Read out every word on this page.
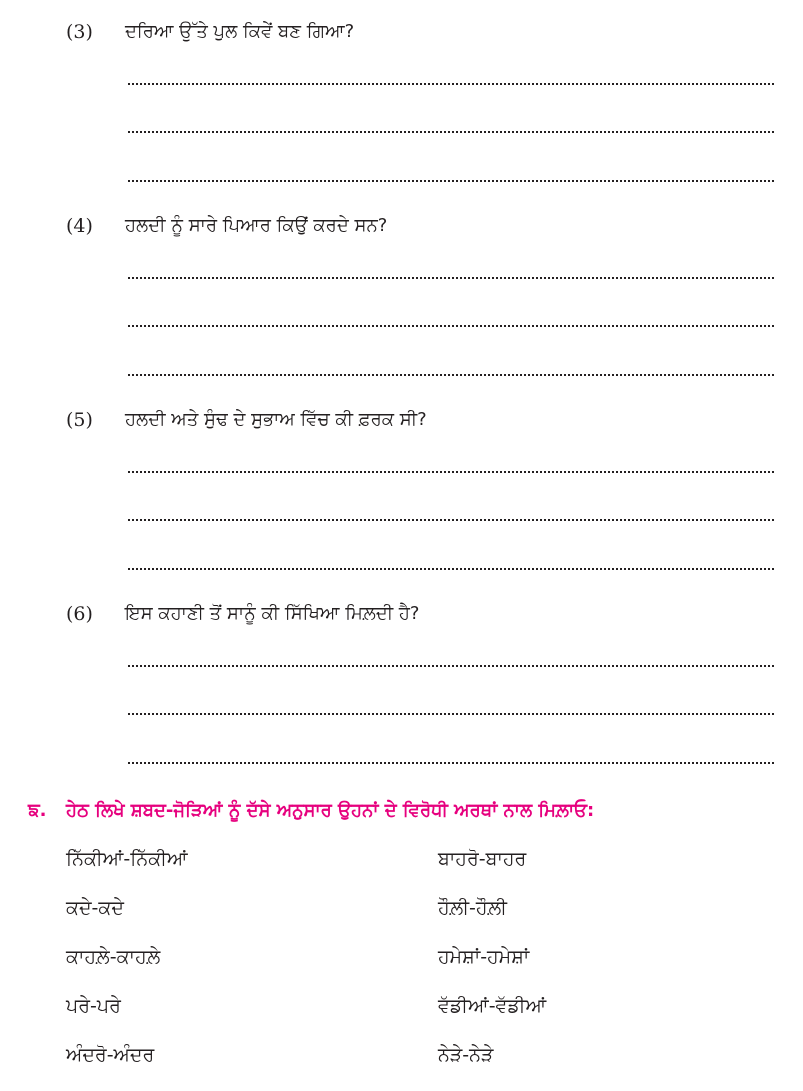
(3) ਦਰਿਆ ਉੱਤੇ ਪੁਲ ਕਿਵੇਂ ਬਣ ਗਿਆ?
(4) ਹਲਦੀ ਨੂੰ ਸਾਰੇ ਪਿਆਰ ਕਿਉਂ ਕਰਦੇ ਸਨ?
(5) ਹਲਦੀ ਅਤੇ ਸੁੰਢ ਦੇ ਸੁਭਾਅ ਵਿੱਚ ਕੀ ਫ਼ਰਕ ਸੀ?
(6) ਇਸ ਕਹਾਣੀ ਤੋਂ ਸਾਨੂੰ ਕੀ ਸਿੱਖਿਆ ਮਿਲ਼ਦੀ ਹੈ?
ਙ. ਹੇਠ ਲਿਖੇ ਸ਼ਬਦ-ਜੋੜਿਆਂ ਨੂੰ ਦੱਸੇ ਅਨੁਸਾਰ ਉਹਨਾਂ ਦੇ ਵਿਰੋਧੀ ਅਰਥਾਂ ਨਾਲ ਮਿਲ਼ਾਓ:
ਨਿੱਕੀਆਂ-ਨਿੱਕੀਆਂ
ਕਦੇ-ਕਦੇ
ਕਾਹਲ਼ੇ-ਕਾਹਲ਼ੇ
ਪਰੇ-ਪਰੇ
ਅੰਦਰੋ-ਅੰਦਰ
ਬਾਹਰੋ-ਬਾਹਰ
ਹੌਲ਼ੀ-ਹੌਲ਼ੀ
ਹਮੇਸ਼ਾਂ-ਹਮੇਸ਼ਾਂ
ਵੱਡੀਆਂ-ਵੱਡੀਆਂ
ਨੇੜੇ-ਨੇੜੇ
